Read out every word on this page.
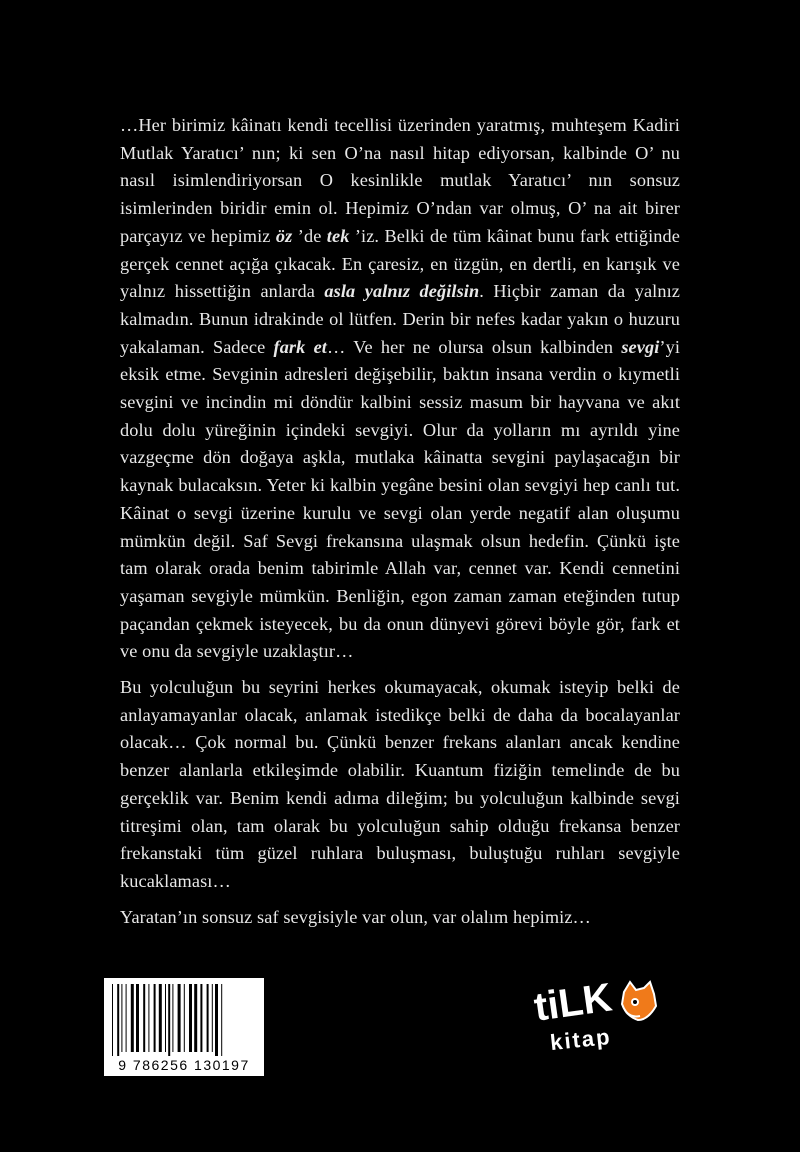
…Her birimiz kâinatı kendi tecellisi üzerinden yaratmış, muhteşem Kadiri Mutlak Yaratıcı’ nın; ki sen O’na nasıl hitap ediyorsan, kalbinde O’ nu nasıl isimlendiriyorsan O kesinlikle mutlak Yaratıcı’ nın sonsuz isimlerinden biridir emin ol. Hepimiz O’ndan var olmuş, O’ na ait birer parçayız ve hepimiz öz ’de tek ’iz. Belki de tüm kâinat bunu fark ettiğinde gerçek cennet açığa çıkacak. En çaresiz, en üzgün, en dertli, en karışık ve yalnız hissettiğin anlarda asla yalnız değilsin. Hiçbir zaman da yalnız kalmadın. Bunun idrakinde ol lütfen. Derin bir nefes kadar yakın o huzuru yakalaman. Sadece fark et… Ve her ne olursa olsun kalbinden sevgi’yi eksik etme. Sevginin adresleri değişebilir, baktın insana verdin o kıymetli sevgini ve incindin mi döndür kalbini sessiz masum bir hayvana ve akıt dolu dolu yüreğinin içindeki sevgiyi. Olur da yolların mı ayrıldı yine vazgeçme dön doğaya aşkla, mutlaka kâinatta sevgini paylaşacağın bir kaynak bulacaksın. Yeter ki kalbin yegâne besini olan sevgiyi hep canlı tut. Kâinat o sevgi üzerine kurulu ve sevgi olan yerde negatif alan oluşumu mümkün değil. Saf Sevgi frekansına ulaşmak olsun hedefin. Çünkü işte tam olarak orada benim tabirimle Allah var, cennet var. Kendi cennetini yaşaman sevgiyle mümkün. Benliğin, egon zaman zaman eteğinden tutup paçandan çekmek isteyecek, bu da onun dünyevi görevi böyle gör, fark et ve onu da sevgiyle uzaklaştır…

Bu yolculuğun bu seyrini herkes okumayacak, okumak isteyip belki de anlayamayanlar olacak, anlamak istedikçe belki de daha da bocalayanlar olacak… Çok normal bu. Çünkü benzer frekans alanları ancak kendine benzer alanlarla etkileşimde olabilir. Kuantum fiziğin temelinde de bu gerçeklik var. Benim kendi adıma dileğim; bu yolculuğun kalbinde sevgi titreşimi olan, tam olarak bu yolculuğun sahip olduğu frekansa benzer frekanstaki tüm güzel ruhlara buluşması, buluştuğu ruhları sevgiyle kucaklaması…

Yaratan’ın sonsuz saf sevgisiyle var olun, var olalım hepimiz…

9 786256 130197
tiLK
kitap
